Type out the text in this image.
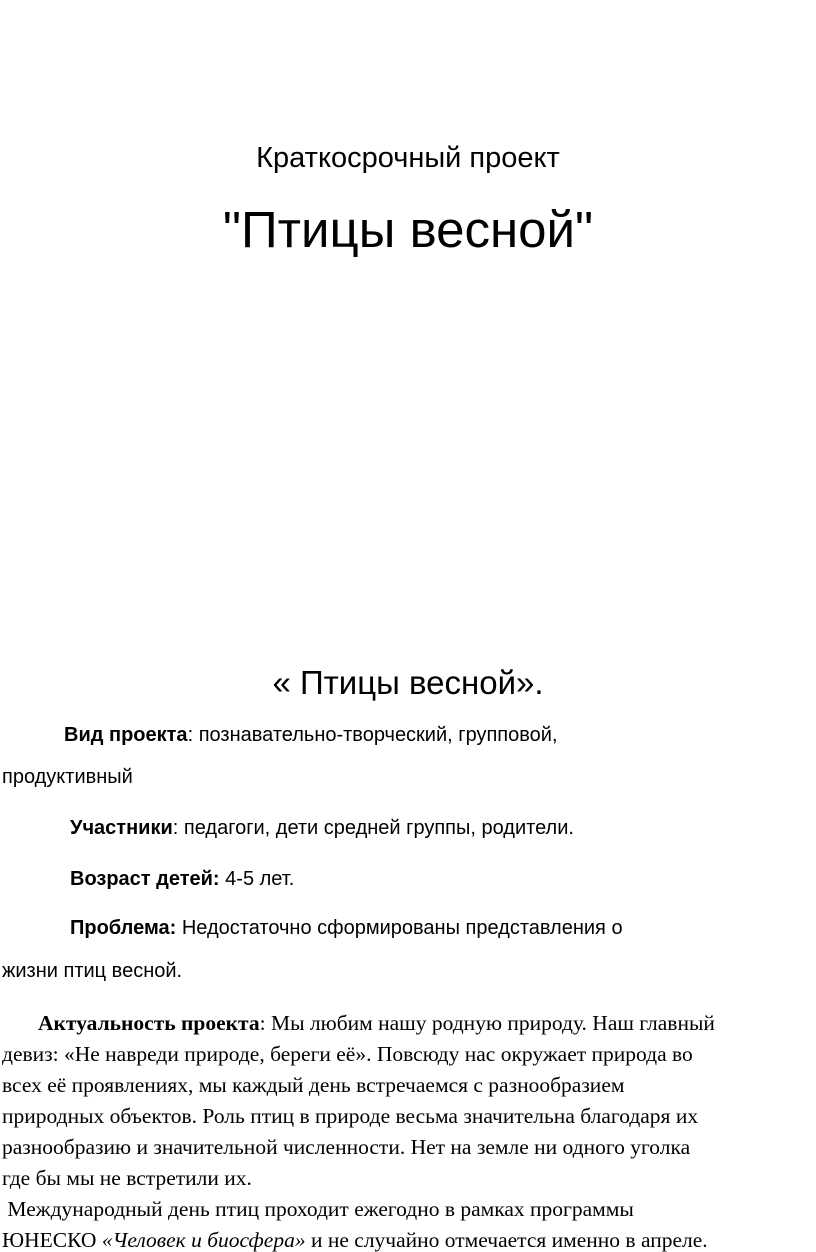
Краткосрочный проект

"Птицы весной"

« Птицы весной».

Вид проекта: познавательно-творческий, групповой,

продуктивный

Участники: педагоги, дети средней группы, родители.

Возраст детей: 4-5 лет.

Проблема: Недостаточно сформированы представления о

жизни птиц весной.

Актуальность проекта: Мы любим нашу родную природу. Наш главный
девиз: «Не навреди природе, береги её». Повсюду нас окружает природа во
всех её проявлениях, мы каждый день встречаемся с разнообразием
природных объектов. Роль птиц в природе весьма значительна благодаря их
разнообразию и значительной численности. Нет на земле ни одного уголка
где бы мы не встретили их.
Международный день птиц проходит ежегодно в рамках программы
ЮНЕСКО «Человек и биосфера» и не случайно отмечается именно в апреле.
